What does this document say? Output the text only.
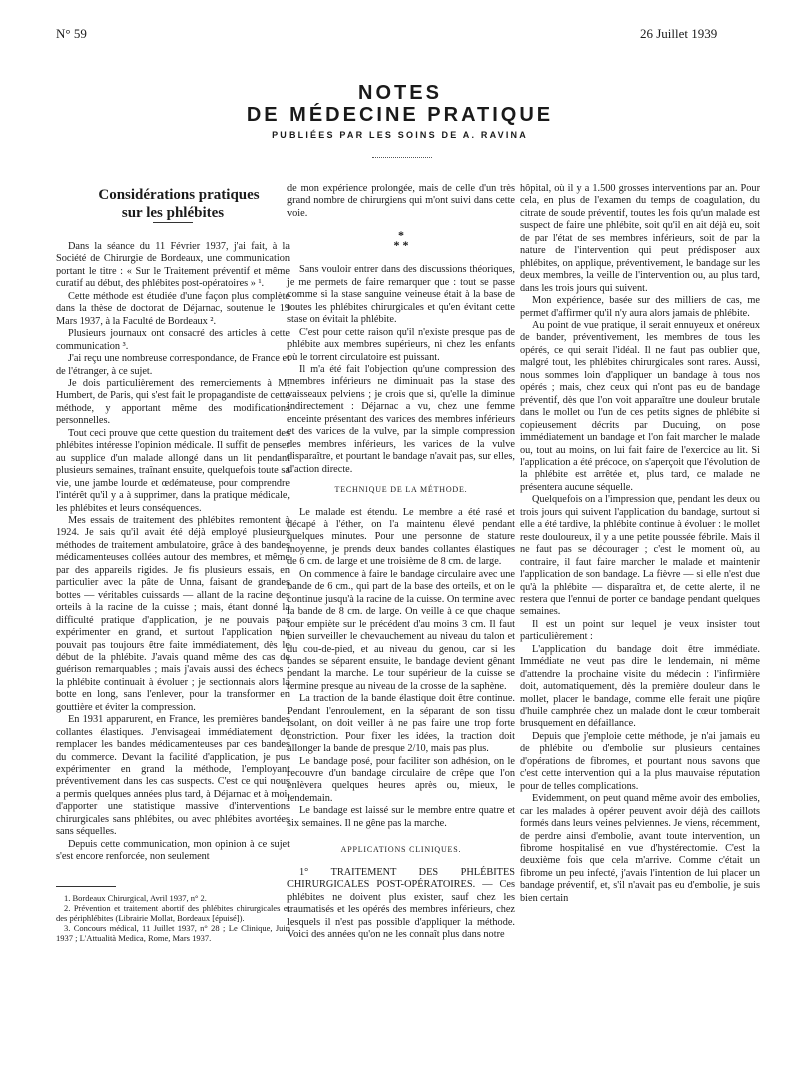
N° 59	26 Juillet 1939
NOTES
DE MÉDECINE PRATIQUE
PUBLIÉES PAR LES SOINS DE A. RAVINA

Considérations pratiques
sur les phlébites

Dans la séance du 11 Février 1937, j'ai fait, à la Société de Chirurgie de Bordeaux, une communication portant le titre : « Sur le Traitement préventif et même curatif au début, des phlébites post-opératoires » ¹.

Cette méthode est étudiée d'une façon plus complète dans la thèse de doctorat de Déjarnac, soutenue le 19 Mars 1937, à la Faculté de Bordeaux ².

Plusieurs journaux ont consacré des articles à cette communication ³.

J'ai reçu une nombreuse correspondance, de France et de l'étranger, à ce sujet.

Je dois particulièrement des remerciements à M. Humbert, de Paris, qui s'est fait le propagandiste de cette méthode, y apportant même des modifications personnelles.

Tout ceci prouve que cette question du traitement des phlébites intéresse l'opinion médicale. Il suffit de penser au supplice d'un malade allongé dans un lit pendant plusieurs semaines, traînant ensuite, quelquefois toute sa vie, une jambe lourde et œdémateuse, pour comprendre l'intérêt qu'il y a à supprimer, dans la pratique médicale, les phlébites et leurs conséquences.

Mes essais de traitement des phlébites remontent à 1924. Je sais qu'il avait été déjà employé plusieurs méthodes de traitement ambulatoire, grâce à des bandes médicamenteuses collées autour des membres, et même par des appareils rigides. Je fis plusieurs essais, en particulier avec la pâte de Unna, faisant de grandes bottes — véritables cuissards — allant de la racine des orteils à la racine de la cuisse ; mais, étant donné la difficulté pratique d'application, je ne pouvais pas expérimenter en grand, et surtout l'application ne pouvait pas toujours être faite immédiatement, dès le début de la phlébite. J'avais quand même des cas de guérison remarquables ; mais j'avais aussi des échecs : la phlébite continuait à évoluer ; je sectionnais alors la botte en long, sans l'enlever, pour la transformer en gouttière et éviter la compression.

En 1931 apparurent, en France, les premières bandes collantes élastiques. J'envisageai immédiatement de remplacer les bandes médicamenteuses par ces bandes du commerce. Devant la facilité d'application, je pus expérimenter en grand la méthode, l'employant préventivement dans les cas suspects. C'est ce qui nous a permis quelques années plus tard, à Déjarnac et à moi, d'apporter une statistique massive d'interventions chirurgicales sans phlébites, ou avec phlébites avortées sans séquelles.

Depuis cette communication, mon opinion à ce sujet s'est encore renforcée, non seulement

1. Bordeaux Chirurgical, Avril 1937, n° 2.

2. Prévention et traitement abortif des phlébites chirurgicales et des périphlébites (Librairie Mollat, Bordeaux [épuisé]).

3. Concours médical, 11 Juillet 1937, n° 28 ; Le Clinique, Juin 1937 ; L'Attualità Medica, Rome, Mars 1937.

de mon expérience prolongée, mais de celle d'un très grand nombre de chirurgiens qui m'ont suivi dans cette voie.

*
* *

Sans vouloir entrer dans des discussions théoriques, je me permets de faire remarquer que : tout se passe comme si la stase sanguine veineuse était à la base de toutes les phlébites chirurgicales et qu'en évitant cette stase on évitait la phlébite.

C'est pour cette raison qu'il n'existe presque pas de phlébite aux membres supérieurs, ni chez les enfants où le torrent circulatoire est puissant.

Il m'a été fait l'objection qu'une compression des membres inférieurs ne diminuait pas la stase des vaisseaux pelviens ; je crois que si, qu'elle la diminue indirectement : Déjarnac a vu, chez une femme enceinte présentant des varices des membres inférieurs et des varices de la vulve, par la simple compression des membres inférieurs, les varices de la vulve disparaître, et pourtant le bandage n'avait pas, sur elles, d'action directe.

TECHNIQUE DE LA MÉTHODE.

Le malade est étendu. Le membre a été rasé et décapé à l'éther, on l'a maintenu élevé pendant quelques minutes. Pour une personne de stature moyenne, je prends deux bandes collantes élastiques de 6 cm. de large et une troisième de 8 cm. de large.

On commence à faire le bandage circulaire avec une bande de 6 cm., qui part de la base des orteils, et on le continue jusqu'à la racine de la cuisse. On termine avec la bande de 8 cm. de large. On veille à ce que chaque tour empiète sur le précédent d'au moins 3 cm. Il faut bien surveiller le chevauchement au niveau du talon et du cou-de-pied, et au niveau du genou, car si les bandes se séparent ensuite, le bandage devient gênant pendant la marche. Le tour supérieur de la cuisse se termine presque au niveau de la crosse de la saphène.

La traction de la bande élastique doit être continue. Pendant l'enroulement, en la séparant de son tissu isolant, on doit veiller à ne pas faire une trop forte constriction. Pour fixer les idées, la traction doit allonger la bande de presque 2/10, mais pas plus.

Le bandage posé, pour faciliter son adhésion, on le recouvre d'un bandage circulaire de crêpe que l'on enlèvera quelques heures après ou, mieux, le lendemain.

Le bandage est laissé sur le membre entre quatre et six semaines. Il ne gêne pas la marche.

APPLICATIONS CLINIQUES.

1° TRAITEMENT DES PHLÉBITES CHIRURGICALES POST-OPÉRATOIRES. — Ces phlébites ne doivent plus exister, sauf chez les traumatisés et les opérés des membres inférieurs, chez lesquels il n'est pas possible d'appliquer la méthode. Voici des années qu'on ne les connaît plus dans notre

hôpital, où il y a 1.500 grosses interventions par an. Pour cela, en plus de l'examen du temps de coagulation, du citrate de soude préventif, toutes les fois qu'un malade est suspect de faire une phlébite, soit qu'il en ait déjà eu, soit de par l'état de ses membres inférieurs, soit de par la nature de l'intervention qui peut prédisposer aux phlébites, on applique, préventivement, le bandage sur les deux membres, la veille de l'intervention ou, au plus tard, dans les trois jours qui suivent.

Mon expérience, basée sur des milliers de cas, me permet d'affirmer qu'il n'y aura alors jamais de phlébite.

Au point de vue pratique, il serait ennuyeux et onéreux de bander, préventivement, les membres de tous les opérés, ce qui serait l'idéal. Il ne faut pas oublier que, malgré tout, les phlébites chirurgicales sont rares. Aussi, nous sommes loin d'appliquer un bandage à tous nos opérés ; mais, chez ceux qui n'ont pas eu de bandage préventif, dès que l'on voit apparaître une douleur brutale dans le mollet ou l'un de ces petits signes de phlébite si copieusement décrits par Ducuing, on pose immédiatement un bandage et l'on fait marcher le malade ou, tout au moins, on lui fait faire de l'exercice au lit. Si l'application a été précoce, on s'aperçoit que l'évolution de la phlébite est arrêtée et, plus tard, ce malade ne présentera aucune séquelle.

Quelquefois on a l'impression que, pendant les deux ou trois jours qui suivent l'application du bandage, surtout si elle a été tardive, la phlébite continue à évoluer : le mollet reste douloureux, il y a une petite poussée fébrile. Mais il ne faut pas se décourager ; c'est le moment où, au contraire, il faut faire marcher le malade et maintenir l'application de son bandage. La fièvre — si elle n'est due qu'à la phlébite — disparaîtra et, de cette alerte, il ne restera que l'ennui de porter ce bandage pendant quelques semaines.

Il est un point sur lequel je veux insister tout particulièrement :

L'application du bandage doit être immédiate. Immédiate ne veut pas dire le lendemain, ni même d'attendre la prochaine visite du médecin : l'infirmière doit, automatiquement, dès la première douleur dans le mollet, placer le bandage, comme elle ferait une piqûre d'huile camphrée chez un malade dont le cœur tomberait brusquement en défaillance.

Depuis que j'emploie cette méthode, je n'ai jamais eu de phlébite ou d'embolie sur plusieurs centaines d'opérations de fibromes, et pourtant nous savons que c'est cette intervention qui a la plus mauvaise réputation pour de telles complications.

Evidemment, on peut quand même avoir des embolies, car les malades à opérer peuvent avoir déjà des caillots formés dans leurs veines pelviennes. Je viens, récemment, de perdre ainsi d'embolie, avant toute intervention, un fibrome hospitalisé en vue d'hystérectomie. C'est la deuxième fois que cela m'arrive. Comme c'était un fibrome un peu infecté, j'avais l'intention de lui placer un bandage préventif, et, s'il n'avait pas eu d'embolie, je suis bien certain
